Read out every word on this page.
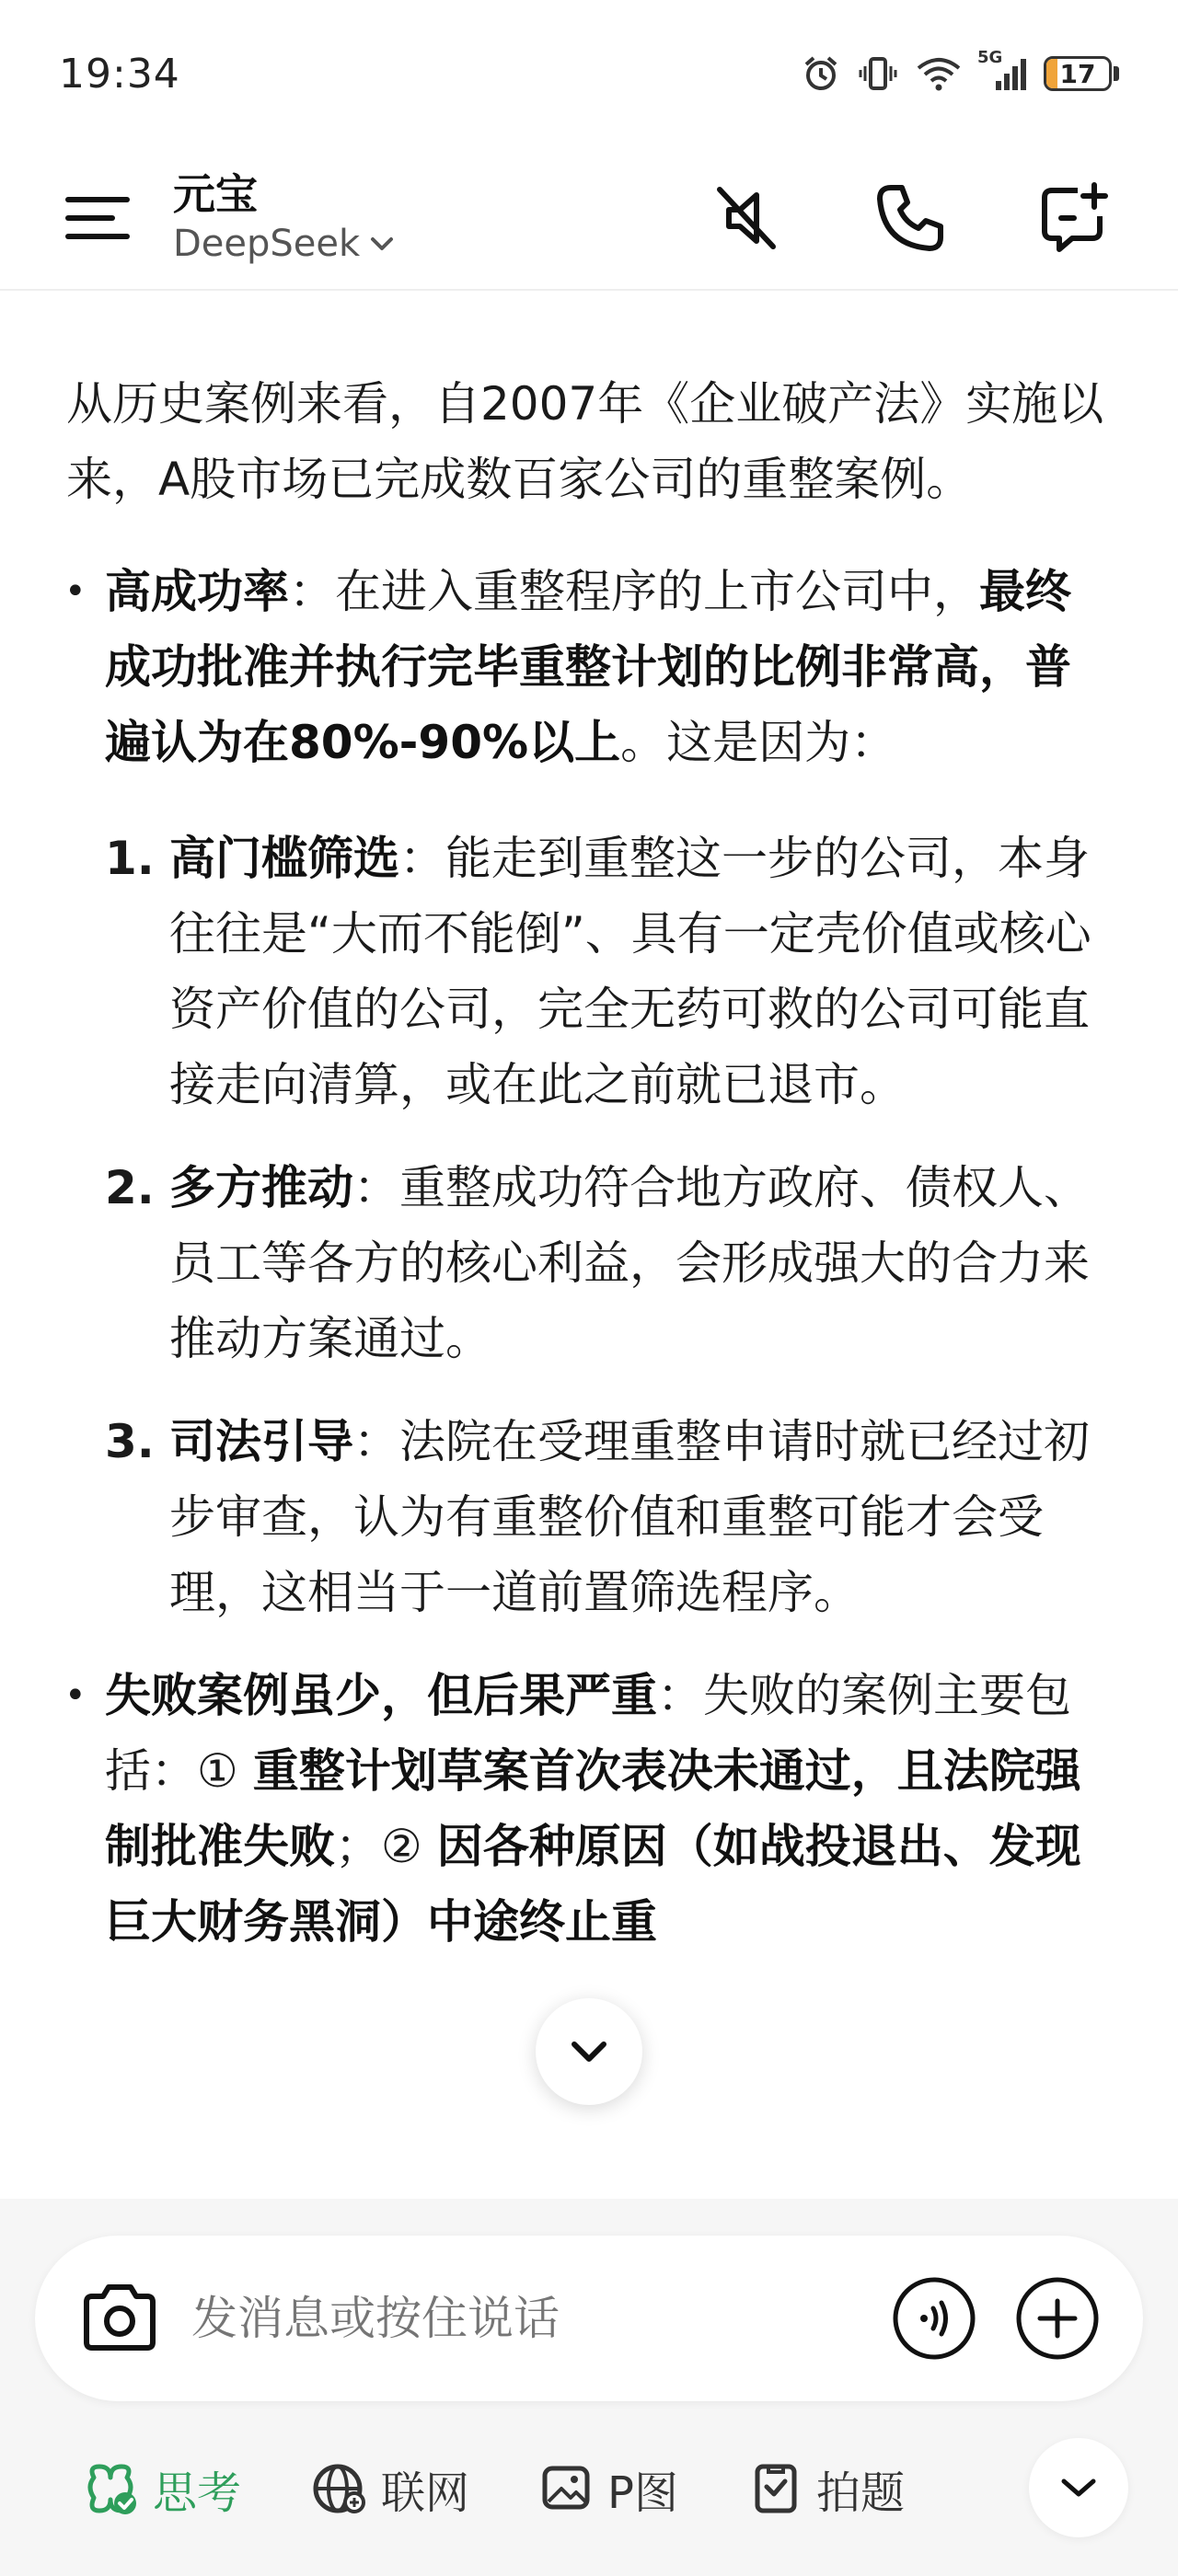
19:34	5G
17
元宝
DeepSeek

从历史案例来看，自2007年《企业破产法》实施以来，A股市场已完成数百家公司的重整案例。

• 高成功率：在进入重整程序的上市公司中，最终成功批准并执行完毕重整计划的比例非常高，普遍认为在80%-90%以上。这是因为：
1. 高门槛筛选：能走到重整这一步的公司，本身往往是“大而不能倒”、具有一定壳价值或核心资产价值的公司，完全无药可救的公司可能直接走向清算，或在此之前就已退市。
2. 多方推动：重整成功符合地方政府、债权人、员工等各方的核心利益，会形成强大的合力来推动方案通过。
3. 司法引导：法院在受理重整申请时就已经过初步审查，认为有重整价值和重整可能才会受理，这相当于一道前置筛选程序。
• 失败案例虽少，但后果严重：失败的案例主要包括：① 重整计划草案首次表决未通过，且法院强制批准失败；② 因各种原因（如战投退出、发现巨大财务黑洞）中途终止重
发消息或按住说话
思考	联网	P图	拍题
